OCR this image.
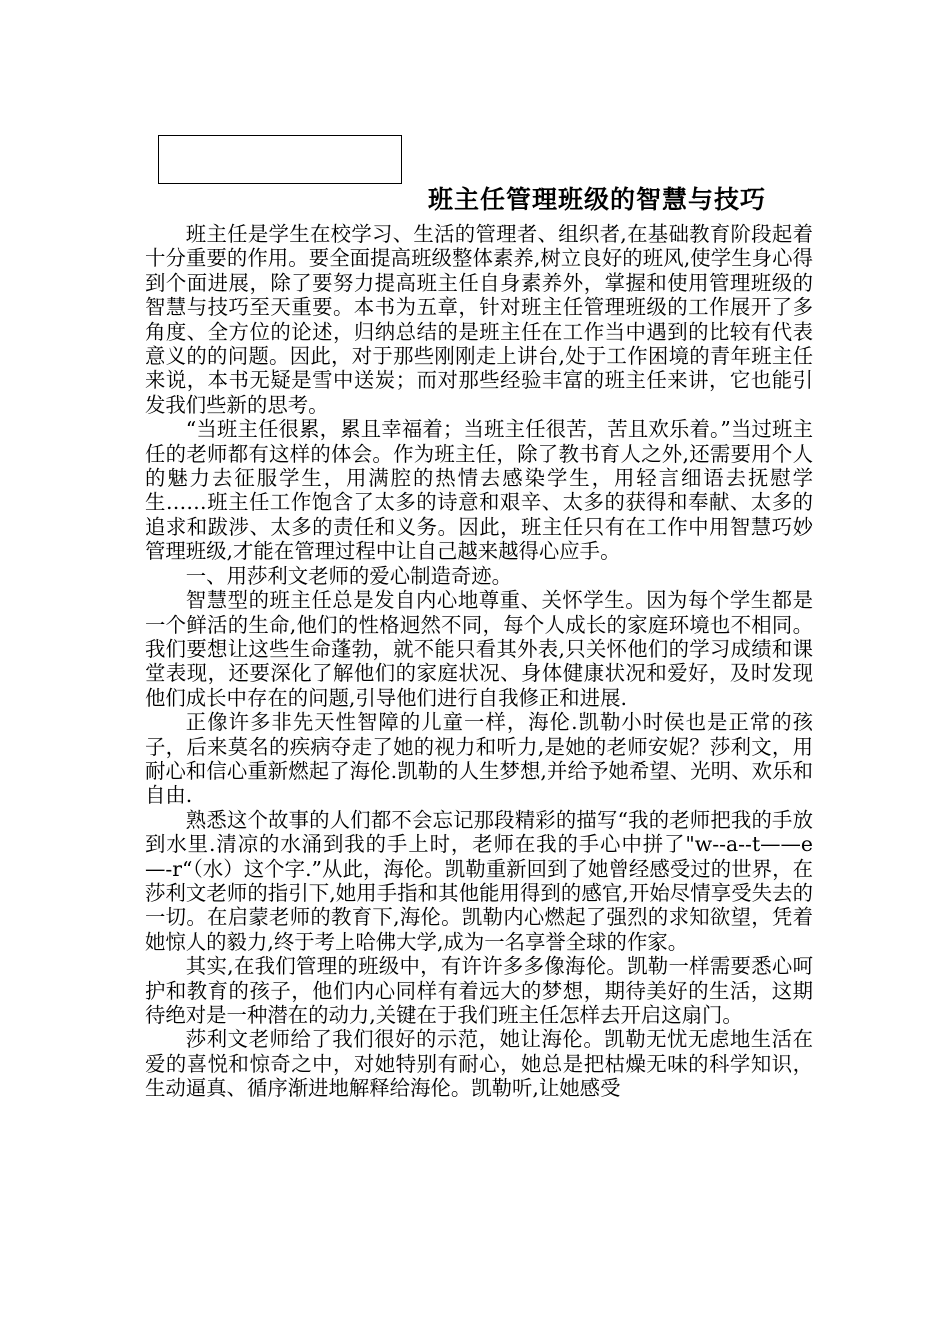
班主任管理班级的智慧与技巧

班主任是学生在校学习、生活的管理者、组织者,在基础教育阶段起着十分重要的作用。要全面提高班级整体素养,树立良好的班风,使学生身心得到个面进展，除了要努力提高班主任自身素养外，掌握和使用管理班级的智慧与技巧至天重要。本书为五章，针对班主任管理班级的工作展开了多角度、全方位的论述，归纳总结的是班主任在工作当中遇到的比较有代表意义的的问题。因此，对于那些刚刚走上讲台,处于工作困境的青年班主任来说，本书无疑是雪中送炭；而对那些经验丰富的班主任来讲，它也能引发我们些新的思考。

“当班主任很累，累且幸福着；当班主任很苦，苦且欢乐着。”当过班主任的老师都有这样的体会。作为班主任，除了教书育人之外,还需要用个人的魅力去征服学生，用满腔的热情去感染学生，用轻言细语去抚慰学生……班主任工作饱含了太多的诗意和艰辛、太多的获得和奉献、太多的追求和跋涉、太多的责任和义务。因此，班主任只有在工作中用智慧巧妙管理班级,才能在管理过程中让自己越来越得心应手。

一、用莎利文老师的爱心制造奇迹。

智慧型的班主任总是发自内心地尊重、关怀学生。因为每个学生都是一个鲜活的生命,他们的性格迥然不同，每个人成长的家庭环境也不相同。我们要想让这些生命蓬勃，就不能只看其外表,只关怀他们的学习成绩和课堂表现，还要深化了解他们的家庭状况、身体健康状况和爱好，及时发现他们成长中存在的问题,引导他们进行自我修正和进展.

正像许多非先天性智障的儿童一样，海伦.凯勒小时侯也是正常的孩子，后来莫名的疾病夺走了她的视力和听力,是她的老师安妮？莎利文，用耐心和信心重新燃起了海伦.凯勒的人生梦想,并给予她希望、光明、欢乐和自由.

熟悉这个故事的人们都不会忘记那段精彩的描写“我的老师把我的手放到水里.清凉的水涌到我的手上时，老师在我的手心中拼了"w--a--t——e—-r“（水）这个字.”从此，海伦。凯勒重新回到了她曾经感受过的世界，在莎利文老师的指引下,她用手指和其他能用得到的感官,开始尽情享受失去的一切。在启蒙老师的教育下,海伦。凯勒内心燃起了强烈的求知欲望，凭着她惊人的毅力,终于考上哈佛大学,成为一名享誉全球的作家。

其实,在我们管理的班级中，有许许多多像海伦。凯勒一样需要悉心呵护和教育的孩子，他们内心同样有着远大的梦想，期待美好的生活，这期待绝对是一种潜在的动力,关键在于我们班主任怎样去开启这扇门。

莎利文老师给了我们很好的示范，她让海伦。凯勒无忧无虑地生活在爱的喜悦和惊奇之中，对她特别有耐心，她总是把枯燥无味的科学知识，生动逼真、循序渐进地解释给海伦。凯勒听,让她感受
